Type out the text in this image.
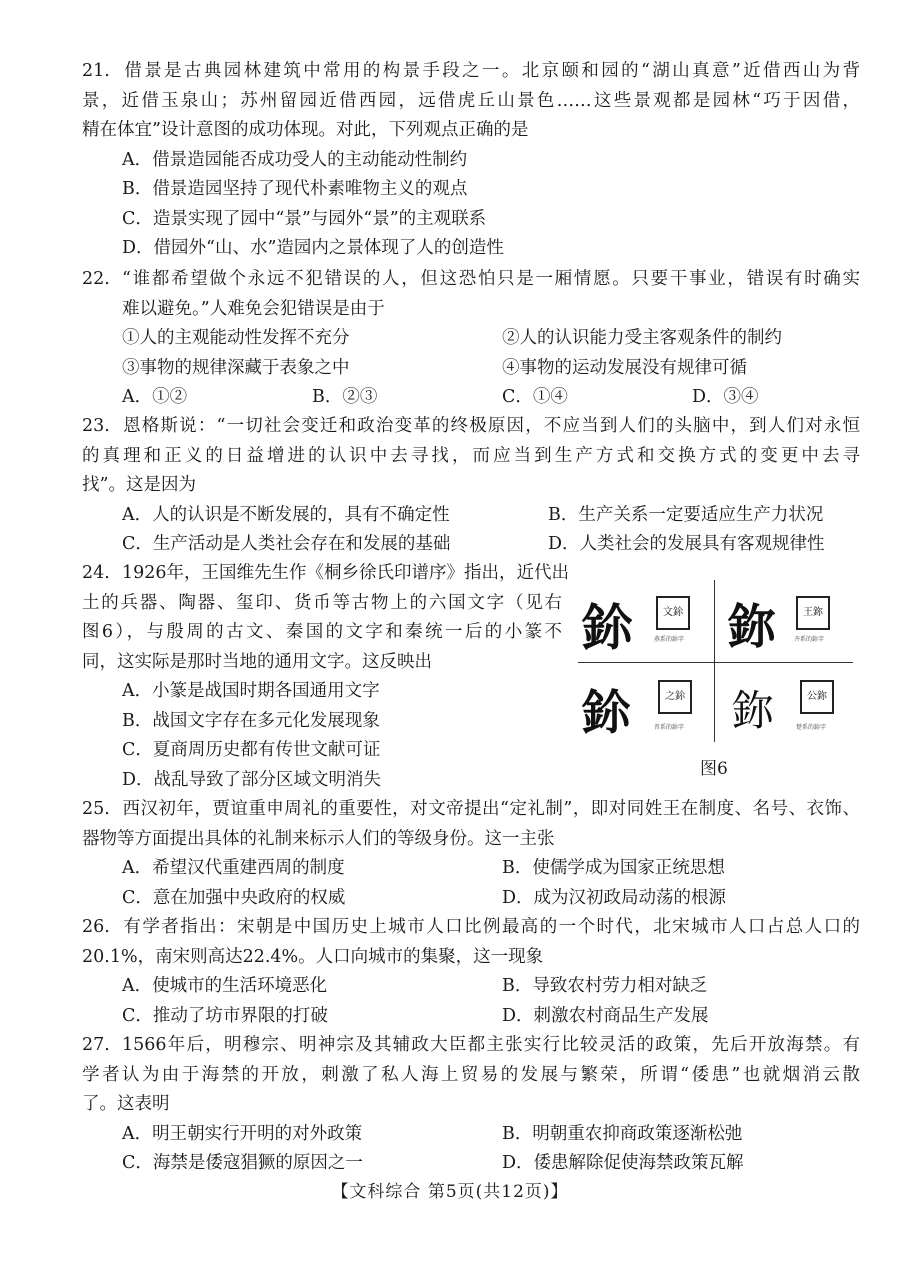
21. 借景是古典园林建筑中常用的构景手段之一。北京颐和园的“湖山真意”近借西山为背
景，近借玉泉山；苏州留园近借西园，远借虎丘山景色……这些景观都是园林“巧于因借，
精在体宜”设计意图的成功体现。对此，下列观点正确的是
A．借景造园能否成功受人的主动能动性制约
B．借景造园坚持了现代朴素唯物主义的观点
C．造景实现了园中“景”与园外“景”的主观联系
D．借园外“山、水”造园内之景体现了人的创造性
22. “谁都希望做个永远不犯错误的人，但这恐怕只是一厢情愿。只要干事业，错误有时确实
难以避免。”人难免会犯错误是由于
①人的主观能动性发挥不充分	②人的认识能力受主客观条件的制约
③事物的规律深藏于表象之中	④事物的运动发展没有规律可循
A．①②	B．②③	C．①④	D．③④
23. 恩格斯说：“一切社会变迁和政治变革的终极原因，不应当到人们的头脑中，到人们对永恒
的真理和正义的日益增进的认识中去寻找，而应当到生产方式和交换方式的变更中去寻
找”。这是因为
A．人的认识是不断发展的，具有不确定性	B．生产关系一定要适应生产力状况
C．生产活动是人类社会存在和发展的基础	D．人类社会的发展具有客观规律性
24. 1926年，王国维先生作《桐乡徐氏印谱序》指出，近代出
土的兵器、陶器、玺印、货币等古物上的六国文字（见右
图6），与殷周的古文、秦国的文字和秦统一后的小篆不
同，这实际是那时当地的通用文字。这反映出
A．小篆是战国时期各国通用文字
B．战国文字存在多元化发展现象
C．夏商周历史都有传世文献可证
D．战乱导致了部分区域文明消失
鉩	文鉩
燕系的鉩字 鉨	王鉨
齐系的鉩字
鉩	之鉩
晋系的鉩字 鉨	公鉨
楚系的鉩字
图6
25. 西汉初年，贾谊重申周礼的重要性，对文帝提出“定礼制”，即对同姓王在制度、名号、衣饰、
器物等方面提出具体的礼制来标示人们的等级身份。这一主张
A．希望汉代重建西周的制度	B．使儒学成为国家正统思想
C．意在加强中央政府的权威	D．成为汉初政局动荡的根源
26. 有学者指出：宋朝是中国历史上城市人口比例最高的一个时代，北宋城市人口占总人口的
20.1%，南宋则高达22.4%。人口向城市的集聚，这一现象
A．使城市的生活环境恶化	B．导致农村劳力相对缺乏
C．推动了坊市界限的打破	D．刺激农村商品生产发展
27. 1566年后，明穆宗、明神宗及其辅政大臣都主张实行比较灵活的政策，先后开放海禁。有
学者认为由于海禁的开放，刺激了私人海上贸易的发展与繁荣，所谓“倭患”也就烟消云散
了。这表明
A．明王朝实行开明的对外政策	B．明朝重农抑商政策逐渐松弛
C．海禁是倭寇猖獗的原因之一	D．倭患解除促使海禁政策瓦解
【文科综合 第5页(共12页)】
